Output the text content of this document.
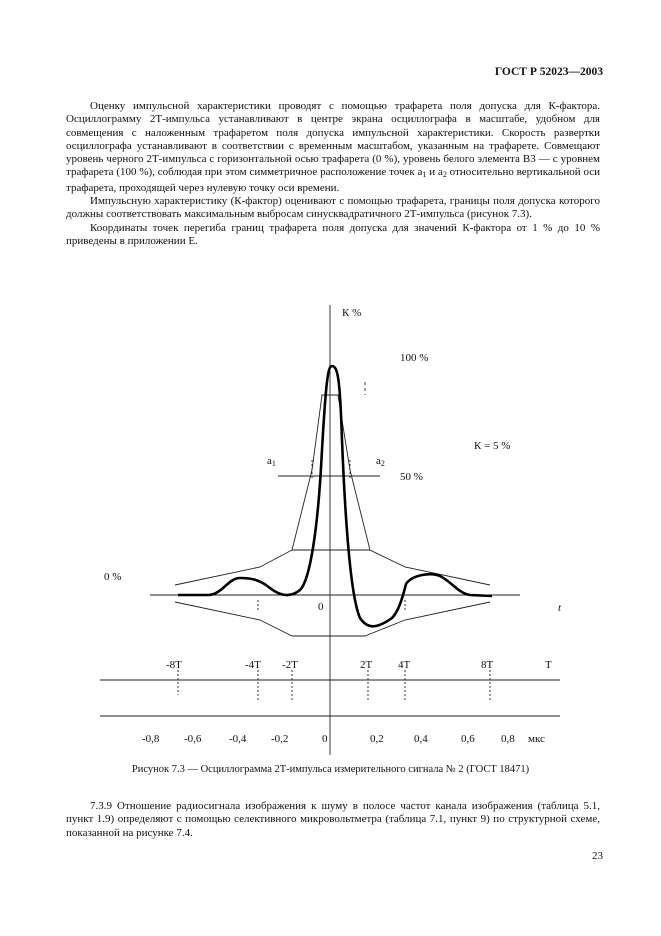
ГОСТ Р 52023—2003

Оценку импульсной характеристики проводят с помощью трафарета поля допуска для К-фактора. Осциллограмму 2Т-импульса устанавливают в центре экрана осциллографа в масштабе, удобном для совмещения с наложенным трафаретом поля допуска импульсной характеристики. Скорость развертки осциллографа устанавливают в соответствии с временным масштабом, указанным на трафарете. Совмещают уровень черного 2Т-импульса с горизонтальной осью трафарета (0 %), уровень белого элемента В3 — с уровнем трафарета (100 %), соблюдая при этом симметричное расположение точек $а_1$ и $а_2$ относительно вертикальной оси трафарета, проходящей через нулевую точку оси времени.

Импульсную характеристику (К-фактор) оценивают с помощью трафарета, границы поля допуска которого должны соответствовать максимальным выбросам синусквадратичного 2Т-импульса (рисунок 7.3).

Координаты точек перегиба границ трафарета поля допуска для значений К-фактора от 1 % до 10 % приведены в приложении Е.

К %
100 %
К = 5 %
50 %
0 %
0	t
а1	а2
-8T	-4T -2T	2T 4T	8T	T
-0,8 -0,6	-0,4 -0,2	0	0,2	0,4	0,6 0,8 мкс
Рисунок 7.3 — Осциллограмма 2Т-импульса измерительного сигнала № 2 (ГОСТ 18471)

7.3.9 Отношение радиосигнала изображения к шуму в полосе частот канала изображения (таблица 5.1, пункт 1.9) определяют с помощью селективного микровольтметра (таблица 7.1, пункт 9) по структурной схеме, показанной на рисунке 7.4.

23
